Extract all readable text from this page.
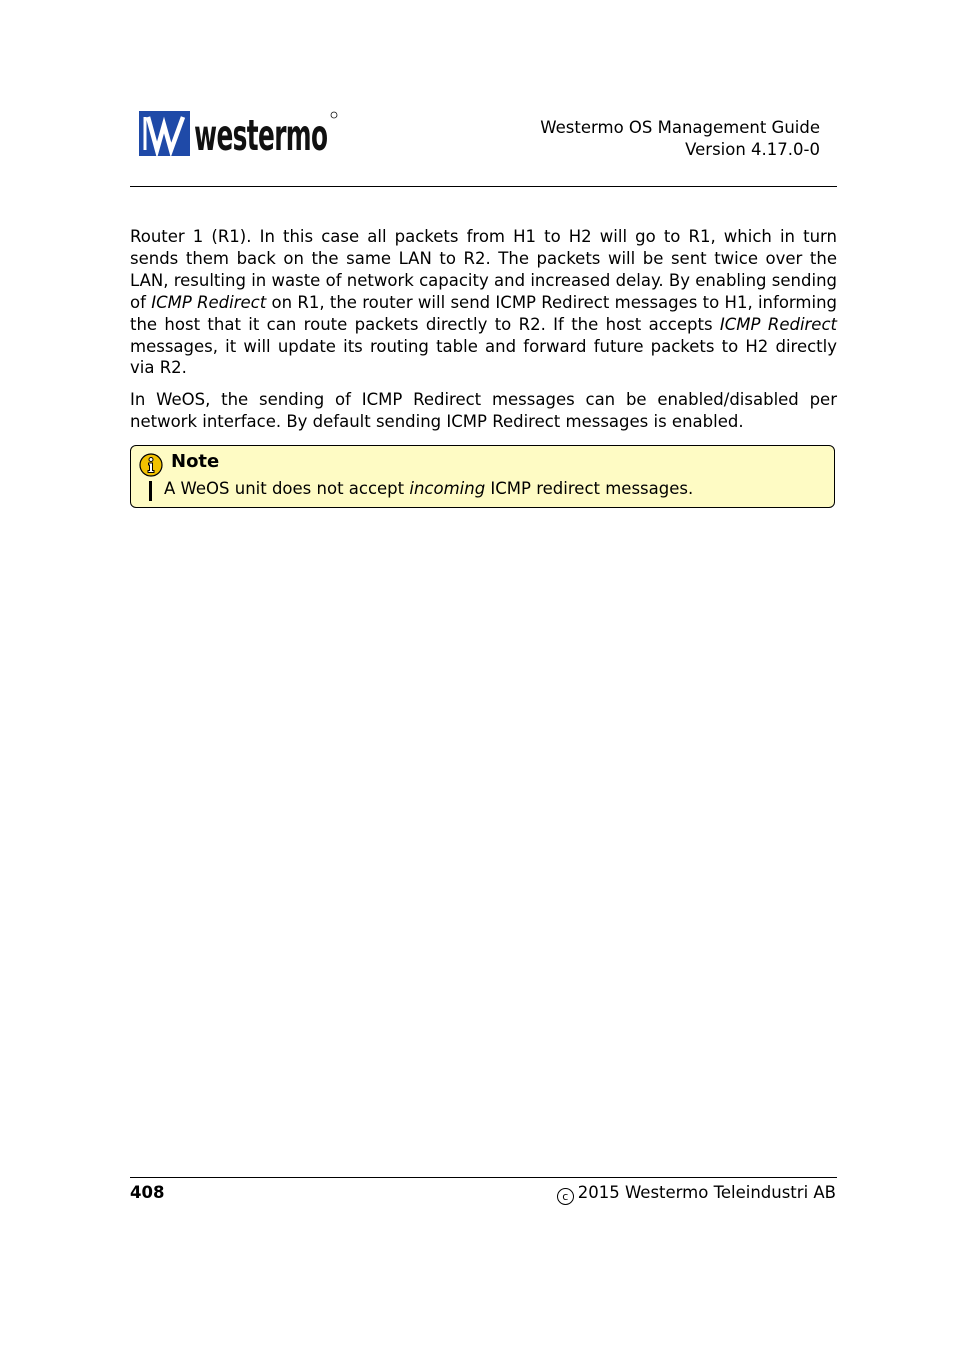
westermo	Westermo OS Management Guide
Version 4.17.0-0

Router 1 (R1). In this case all packets from H1 to H2 will go to R1, which in turn sends them back on the same LAN to R2. The packets will be sent twice over the LAN, resulting in waste of network capacity and increased delay. By enabling sending of ICMP Redirect on R1, the router will send ICMP Redirect messages to H1, informing the host that it can route packets directly to R2. If the host accepts ICMP Redirect messages, it will update its routing table and forward future packets to H2 directly via R2.

In WeOS, the sending of ICMP Redirect messages can be enabled/disabled per network interface. By default sending ICMP Redirect messages is enabled.

Note
A WeOS unit does not accept incoming ICMP redirect messages.
408	c 2015 Westermo Teleindustri AB
